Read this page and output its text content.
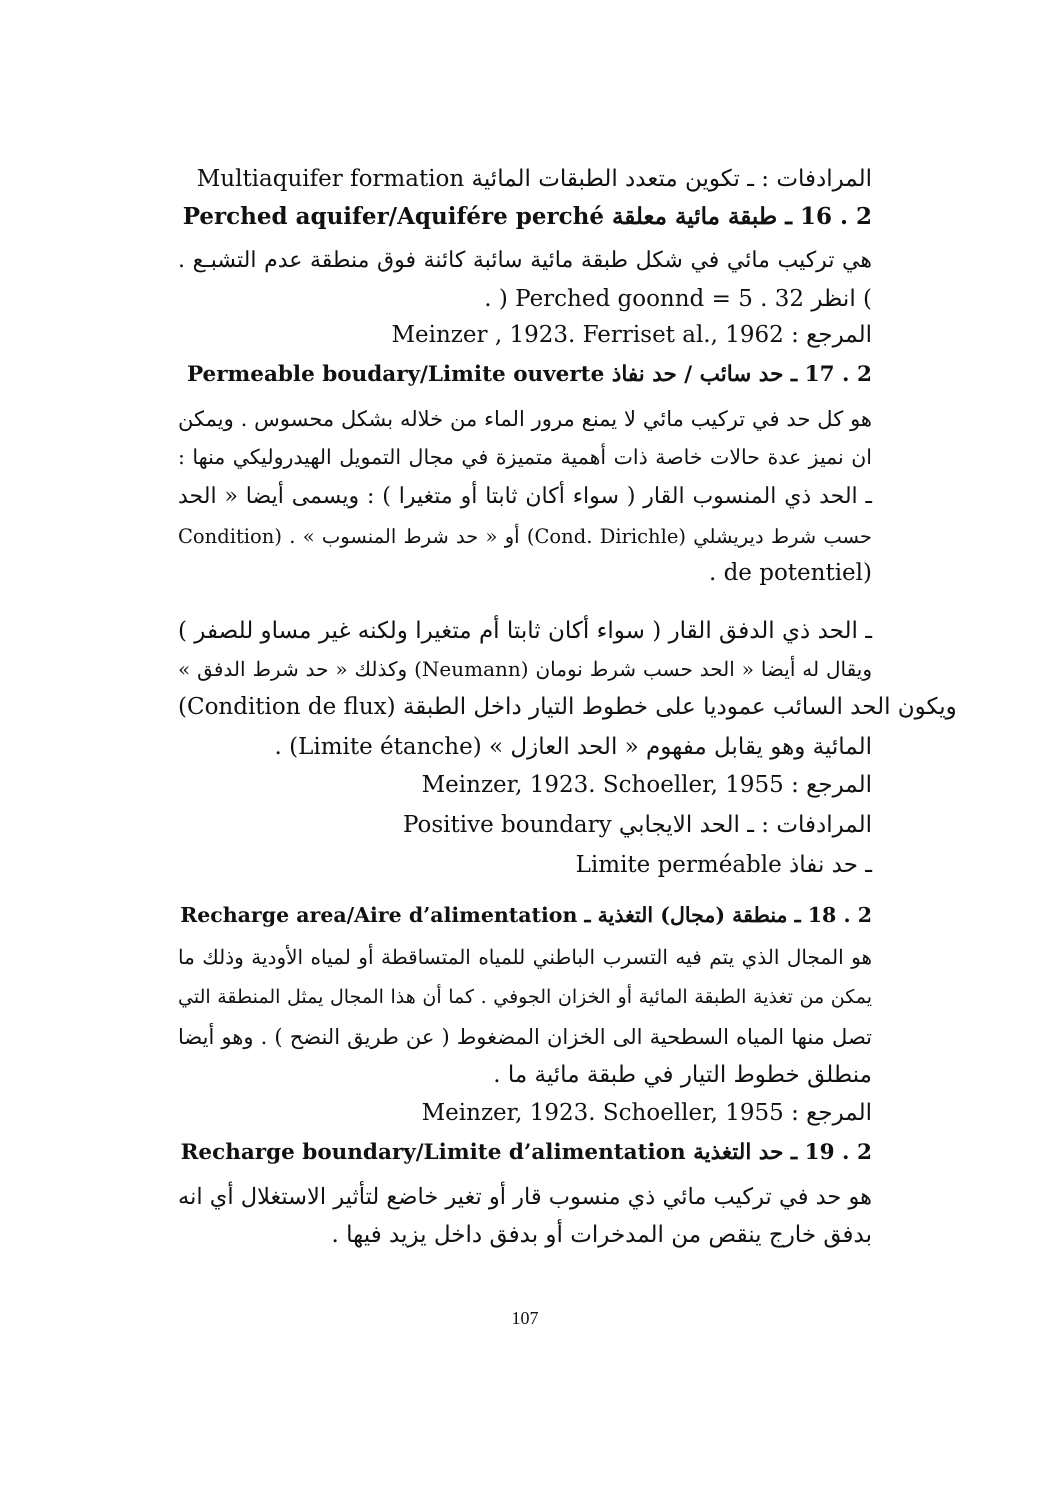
المرادفات : ـ تكوين متعدد الطبقات المائية Multiaquifer formation
2 . 16 ـ طبقة مائية معلقة Perched aquifer/Aquifére perché
هي تركيب مائي في شكل طبقة مائية سائبة كائنة فوق منطقة عدم التشبـع .
) انظر 32 . 5 = Perched goonnd ( .
المرجع : Meinzer , 1923. Ferriset al., 1962
2 . 17 ـ حد سائب / حد نفاذ Permeable boudary/Limite ouverte
هو كل حد في تركيب مائي لا يمنع مرور الماء من خلاله بشكل محسوس . ويمكن
ان نميز عدة حالات خاصة ذات أهمية متميزة في مجال التمويل الهيدروليكي منها :
ـ الحد ذي المنسوب القار ( سواء أكان ثابتا أو متغيرا ) : ويسمى أيضا « الحد
حسب شرط ديريشلي (Cond. Dirichle) أو « حد شرط المنسوب » . (Condition
. de potentiel)
ـ الحد ذي الدفق القار ( سواء أكان ثابتا أم متغيرا ولكنه غير مساو للصفر )
ويقال له أيضا « الحد حسب شرط نومان (Neumann) وكذلك « حد شرط الدفق »
(Condition de flux) ويكون الحد السائب عموديا على خطوط التيار داخل الطبقة
المائية وهو يقابل مفهوم « الحد العازل » (Limite étanche) .
المرجع : Meinzer, 1923. Schoeller, 1955
المرادفات : ـ الحد الايجابي Positive boundary
ـ حد نفاذ Limite perméable
2 . 18 ـ منطقة (مجال) التغذية ـ Recharge area/Aire d’alimentation
هو المجال الذي يتم فيه التسرب الباطني للمياه المتساقطة أو لمياه الأودية وذلك ما
يمكن من تغذية الطبقة المائية أو الخزان الجوفي . كما أن هذا المجال يمثل المنطقة التي
تصل منها المياه السطحية الى الخزان المضغوط ( عن طريق النضح ) . وهو أيضا
منطلق خطوط التيار في طبقة مائية ما .
المرجع : Meinzer, 1923. Schoeller, 1955
2 . 19 ـ حد التغذية Recharge boundary/Limite d’alimentation
هو حد في تركيب مائي ذي منسوب قار أو تغير خاضع لتأثير الاستغلال أي انه
بدفق خارج ينقص من المدخرات أو بدفق داخل يزيد فيها .
107
